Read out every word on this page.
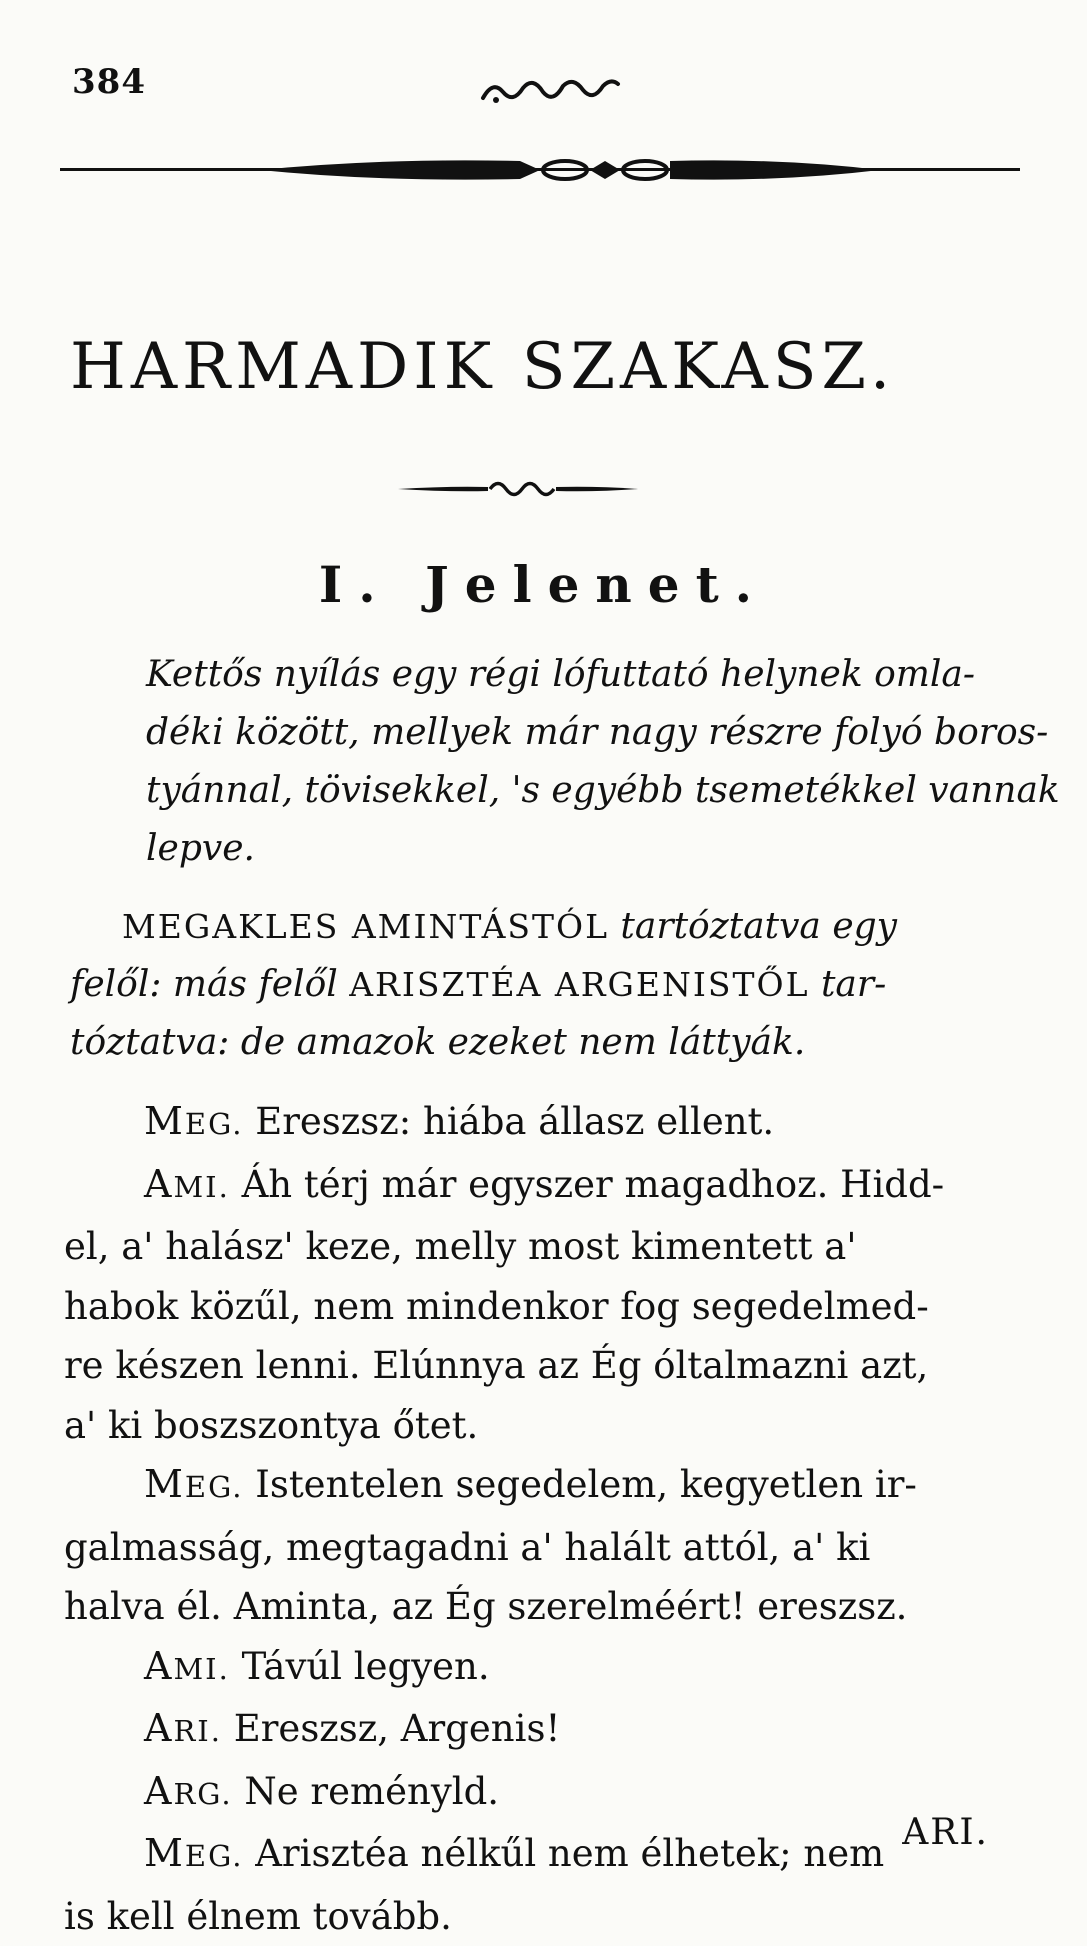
384
HARMADIK SZAKASZ.
I. Jelenet.
Kettős nyílás egy régi lófuttató helynek omla-
déki között, mellyek már nagy részre folyó boros-
tyánnal, tövisekkel, 's egyébb tsemetékkel vannak
lepve.
MEGAKLES AMINTÁSTÓL tartóztatva egy
felől: más felől ARISZTÉA ARGENISTŐL tar-
tóztatva: de amazok ezeket nem láttyák.
MEG. Ereszsz: hiába állasz ellent.
AMI. Áh térj már egyszer magadhoz. Hidd-
el, a' halász' keze, melly most kimentett a'
habok közűl, nem mindenkor fog segedelmed-
re készen lenni. Elúnnya az Ég óltalmazni azt,
a' ki boszszontya őtet.
MEG. Istentelen segedelem, kegyetlen ir-
galmasság, megtagadni a' halált attól, a' ki
halva él. Aminta, az Ég szerelméért! ereszsz.
AMI. Távúl legyen.
ARI. Ereszsz, Argenis!
ARG. Ne reményld.
MEG. Arisztéa nélkűl nem élhetek; nem
is kell élnem tovább.
ARI.
